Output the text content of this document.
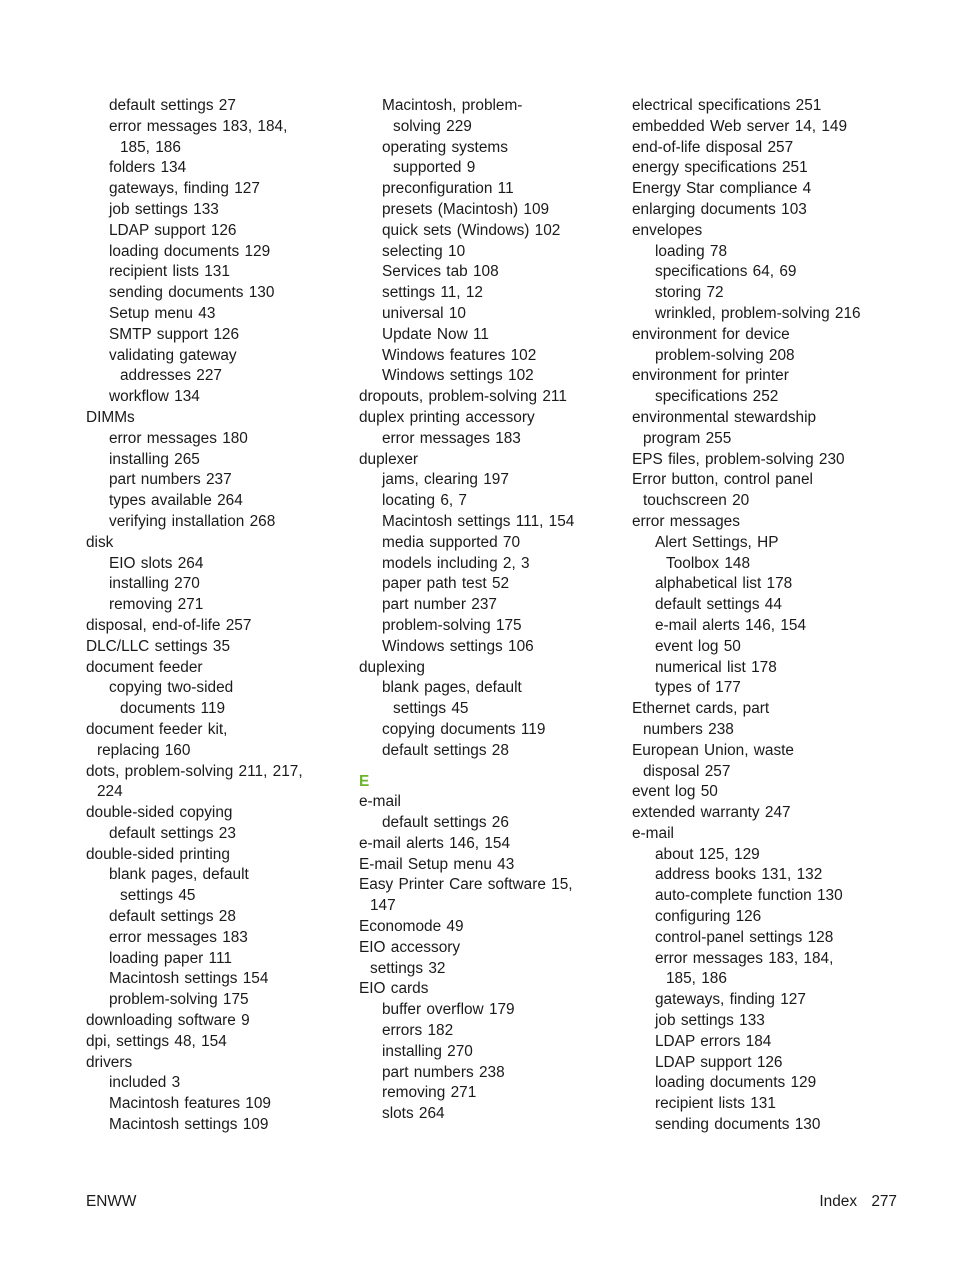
default settings 27
error messages 183, 184,
185, 186
folders 134
gateways, finding 127
job settings 133
LDAP support 126
loading documents 129
recipient lists 131
sending documents 130
Setup menu 43
SMTP support 126
validating gateway
addresses 227
workflow 134
DIMMs
error messages 180
installing 265
part numbers 237
types available 264
verifying installation 268
disk
EIO slots 264
installing 270
removing 271
disposal, end-of-life 257
DLC/LLC settings 35
document feeder
copying two-sided
documents 119
document feeder kit,
replacing 160
dots, problem-solving 211, 217,
224
double-sided copying
default settings 23
double-sided printing
blank pages, default
settings 45
default settings 28
error messages 183
loading paper 111
Macintosh settings 154
problem-solving 175
downloading software 9
dpi, settings 48, 154
drivers
included 3
Macintosh features 109
Macintosh settings 109
Macintosh, problem-
solving 229
operating systems
supported 9
preconfiguration 11
presets (Macintosh) 109
quick sets (Windows) 102
selecting 10
Services tab 108
settings 11, 12
universal 10
Update Now 11
Windows features 102
Windows settings 102
dropouts, problem-solving 211
duplex printing accessory
error messages 183
duplexer
jams, clearing 197
locating 6, 7
Macintosh settings 111, 154
media supported 70
models including 2, 3
paper path test 52
part number 237
problem-solving 175
Windows settings 106
duplexing
blank pages, default
settings 45
copying documents 119
default settings 28
E
e-mail
default settings 26
e-mail alerts 146, 154
E-mail Setup menu 43
Easy Printer Care software 15,
147
Economode 49
EIO accessory
settings 32
EIO cards
buffer overflow 179
errors 182
installing 270
part numbers 238
removing 271
slots 264
electrical specifications 251
embedded Web server 14, 149
end-of-life disposal 257
energy specifications 251
Energy Star compliance 4
enlarging documents 103
envelopes
loading 78
specifications 64, 69
storing 72
wrinkled, problem-solving 216
environment for device
problem-solving 208
environment for printer
specifications 252
environmental stewardship
program 255
EPS files, problem-solving 230
Error button, control panel
touchscreen 20
error messages
Alert Settings, HP
Toolbox 148
alphabetical list 178
default settings 44
e-mail alerts 146, 154
event log 50
numerical list 178
types of 177
Ethernet cards, part
numbers 238
European Union, waste
disposal 257
event log 50
extended warranty 247
e-mail
about 125, 129
address books 131, 132
auto-complete function 130
configuring 126
control-panel settings 128
error messages 183, 184,
185, 186
gateways, finding 127
job settings 133
LDAP errors 184
LDAP support 126
loading documents 129
recipient lists 131
sending documents 130
ENWW	Index 277
